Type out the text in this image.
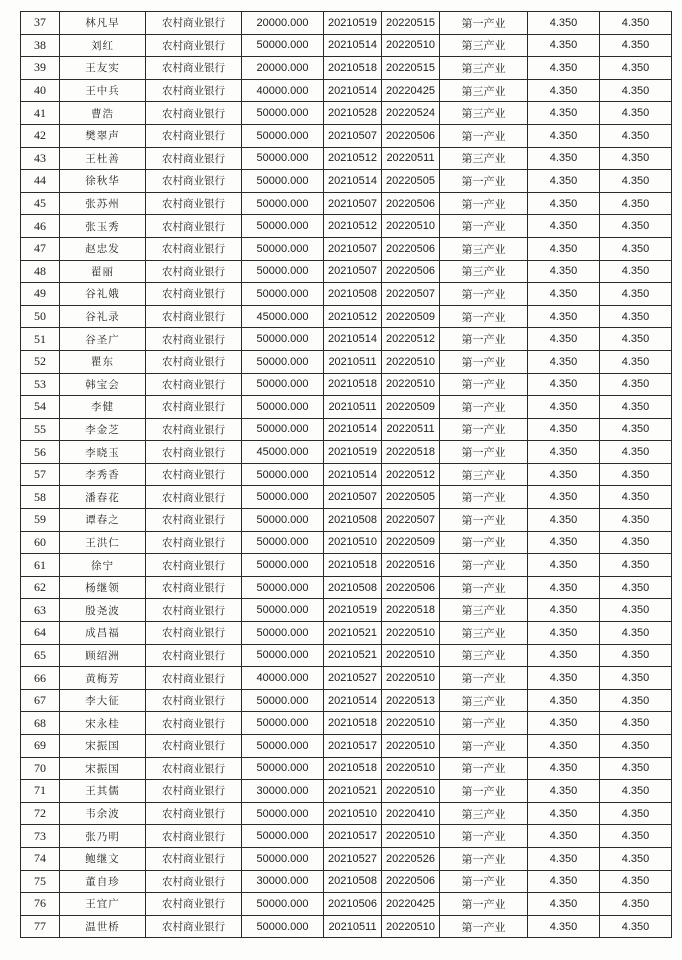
37	林凡早	农村商业银行	20000.000	20210519	20220515	第一产业	4.350	4.350
38	刘红	农村商业银行	50000.000	20210514	20220510	第三产业	4.350	4.350
39	王友实	农村商业银行	20000.000	20210518	20220515	第三产业	4.350	4.350
40	王中兵	农村商业银行	40000.000	20210514	20220425	第三产业	4.350	4.350
41	曹浩	农村商业银行	50000.000	20210528	20220524	第三产业	4.350	4.350
42	樊翠声	农村商业银行	50000.000	20210507	20220506	第一产业	4.350	4.350
43	王杜善	农村商业银行	50000.000	20210512	20220511	第三产业	4.350	4.350
44	徐秋华	农村商业银行	50000.000	20210514	20220505	第一产业	4.350	4.350
45	张苏州	农村商业银行	50000.000	20210507	20220506	第一产业	4.350	4.350
46	张玉秀	农村商业银行	50000.000	20210512	20220510	第一产业	4.350	4.350
47	赵忠发	农村商业银行	50000.000	20210507	20220506	第三产业	4.350	4.350
48	翟丽	农村商业银行	50000.000	20210507	20220506	第三产业	4.350	4.350
49	谷礼娥	农村商业银行	50000.000	20210508	20220507	第一产业	4.350	4.350
50	谷礼录	农村商业银行	45000.000	20210512	20220509	第一产业	4.350	4.350
51	谷圣广	农村商业银行	50000.000	20210514	20220512	第一产业	4.350	4.350
52	瞿东	农村商业银行	50000.000	20210511	20220510	第一产业	4.350	4.350
53	韩宝会	农村商业银行	50000.000	20210518	20220510	第一产业	4.350	4.350
54	李健	农村商业银行	50000.000	20210511	20220509	第一产业	4.350	4.350
55	李金芝	农村商业银行	50000.000	20210514	20220511	第一产业	4.350	4.350
56	李晓玉	农村商业银行	45000.000	20210519	20220518	第一产业	4.350	4.350
57	李秀香	农村商业银行	50000.000	20210514	20220512	第三产业	4.350	4.350
58	潘春花	农村商业银行	50000.000	20210507	20220505	第一产业	4.350	4.350
59	谭春之	农村商业银行	50000.000	20210508	20220507	第一产业	4.350	4.350
60	王洪仁	农村商业银行	50000.000	20210510	20220509	第一产业	4.350	4.350
61	徐宁	农村商业银行	50000.000	20210518	20220516	第一产业	4.350	4.350
62	杨继领	农村商业银行	50000.000	20210508	20220506	第一产业	4.350	4.350
63	殷尧波	农村商业银行	50000.000	20210519	20220518	第三产业	4.350	4.350
64	成昌福	农村商业银行	50000.000	20210521	20220510	第三产业	4.350	4.350
65	顾绍洲	农村商业银行	50000.000	20210521	20220510	第三产业	4.350	4.350
66	黄梅芳	农村商业银行	40000.000	20210527	20220510	第一产业	4.350	4.350
67	李大征	农村商业银行	50000.000	20210514	20220513	第三产业	4.350	4.350
68	宋永桂	农村商业银行	50000.000	20210518	20220510	第一产业	4.350	4.350
69	宋振国	农村商业银行	50000.000	20210517	20220510	第一产业	4.350	4.350
70	宋振国	农村商业银行	50000.000	20210518	20220510	第一产业	4.350	4.350
71	王其儒	农村商业银行	30000.000	20210521	20220510	第一产业	4.350	4.350
72	韦余波	农村商业银行	50000.000	20210510	20220410	第三产业	4.350	4.350
73	张乃明	农村商业银行	50000.000	20210517	20220510	第一产业	4.350	4.350
74	鲍继文	农村商业银行	50000.000	20210527	20220526	第一产业	4.350	4.350
75	董自珍	农村商业银行	30000.000	20210508	20220506	第一产业	4.350	4.350
76	王宜广	农村商业银行	50000.000	20210506	20220425	第一产业	4.350	4.350
77	温世桥	农村商业银行	50000.000	20210511	20220510	第一产业	4.350	4.350
